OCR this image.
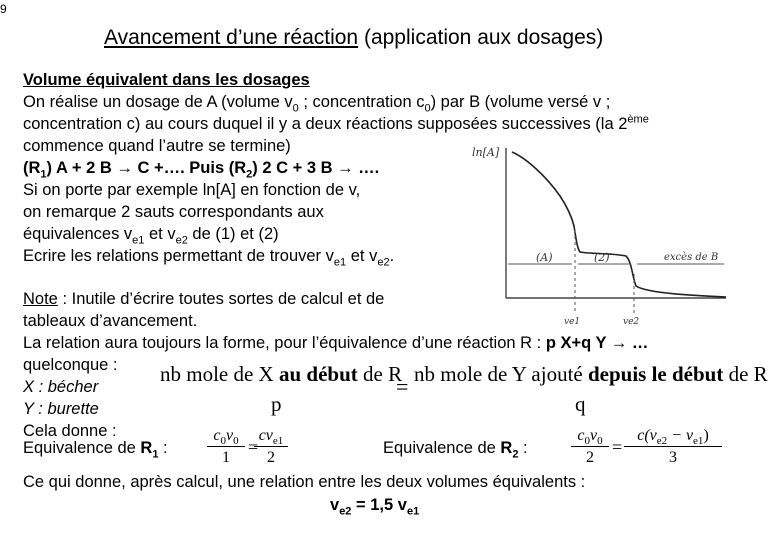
9
Avancement d’une réaction (application aux dosages)
Volume équivalent dans les dosages
On réalise un dosage de A (volume $v_0$ ; concentration $c_0$) par B (volume versé v ;
concentration c) au cours duquel il y a deux réactions supposées successives (la 2ème
commence quand l’autre se termine)
$(R_1) A + 2$ B → C +…. Puis $(R_2)$ 2 C + 3 B → ….
Si on porte par exemple ln[A] en fonction de v,
on remarque 2 sauts correspondants aux
équivalences $v_{e1}$ et $v_{e2}$ de (1) et (2)
Ecrire les relations permettant de trouver $v_{e1}$ et $v_{e2}$.
ln[A]
(A)	(2)	excès de B
ve1	ve2
Note : Inutile d’écrire toutes sortes de calcul et de
tableaux d’avancement.
La relation aura toujours la forme, pour l’équivalence d’une réaction R : p X+q Y → …
quelconque :
X : bécher
Y : burette
Cela donne :
nb mole de X au début de R
= nb mole de Y ajouté depuis le début de R
p	q
Equivalence de $R_1$ :
$c_0v_0$
1
=
$cv_{e1}$
2
Equivalence de $R_2$ :
$c_0v_0$
2
=
$c(v_{e2} - v_{e1})$
3
Ce qui donne, après calcul, une relation entre les deux volumes équivalents :
$v_{e2} = 1,5$ $v_{e1}$
